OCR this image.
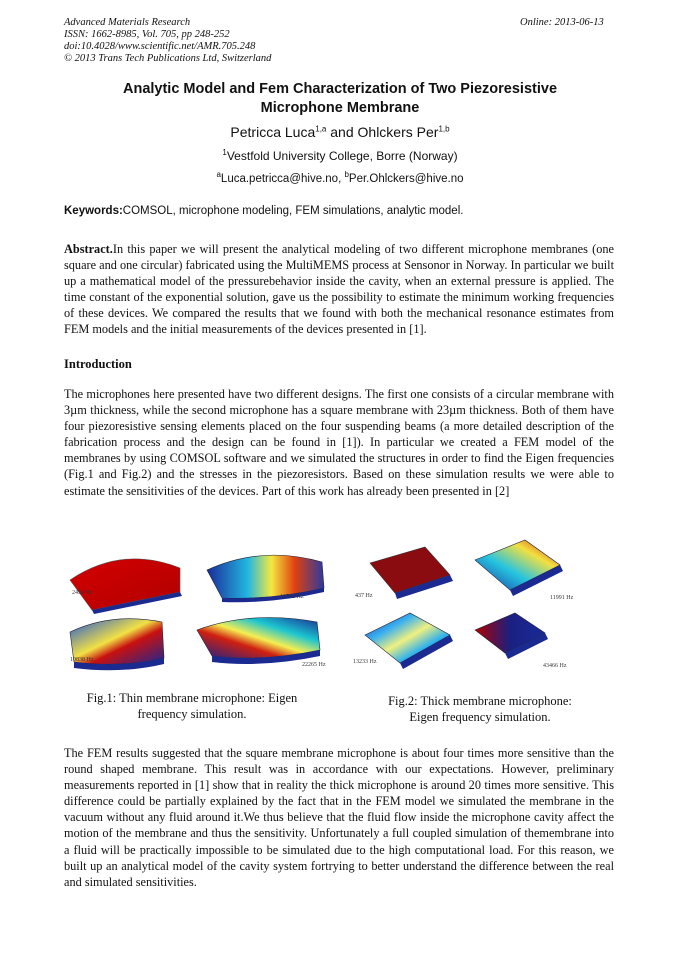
Advanced Materials Research
ISSN: 1662-8985, Vol. 705, pp 248-252
doi:10.4028/www.scientific.net/AMR.705.248
© 2013 Trans Tech Publications Ltd, Switzerland
Online: 2013-06-13
Analytic Model and Fem Characterization of Two Piezoresistive
Microphone Membrane
Petricca Luca$^{1,a}$ and Ohlckers Per$^{1,b}$
$^1$Vestfold University College, Borre (Norway)
$^a$Luca.petricca@hive.no, $^b$Per.Ohlckers@hive.no
Keywords:COMSOL, microphone modeling, FEM simulations, analytic model.
Abstract.In this paper we will present the analytical modeling of two different microphone membranes (one square and one circular) fabricated using the MultiMEMS process at Sensonor in Norway. In particular we built up a mathematical model of the pressurebehavior inside the cavity, when an external pressure is applied. The time constant of the exponential solution, gave us the possibility to estimate the minimum working frequencies of these devices. We compared the results that we found with both the mechanical resonance estimates from FEM models and the initial measurements of the devices presented in [1].
Introduction
The microphones here presented have two different designs. The first one consists of a circular membrane with 3µm thickness, while the second microphone has a square membrane with 23µm thickness. Both of them have four piezoresistive sensing elements placed on the four suspending beams (a more detailed description of the fabrication process and the design can be found in [1]). In particular we created a FEM model of the membranes by using COMSOL software and we simulated the structures in order to find the Eigen frequencies (Fig.1 and Fig.2) and the stresses in the piezoresistors. Based on these simulation results we were able to estimate the sensitivities of the devices. Part of this work has already been presented in [2]
2459 Hz
10762 Hz
10838 Hz
22265 Hz
Fig.1: Thin membrane microphone: Eigen
frequency simulation.
437 Hz	11991 Hz
13233 Hz
43466 Hz
Fig.2: Thick membrane microphone:
Eigen frequency simulation.
The FEM results suggested that the square membrane microphone is about four times more sensitive than the round shaped membrane. This result was in accordance with our expectations. However, preliminary measurements reported in [1] show that in reality the thick microphone is around 20 times more sensitive. This difference could be partially explained by the fact that in the FEM model we simulated the membrane in the vacuum without any fluid around it.We thus believe that the fluid flow inside the microphone cavity affect the motion of the membrane and thus the sensitivity. Unfortunately a full coupled simulation of themembrane into a fluid will be practically impossible to be simulated due to the high computational load. For this reason, we built up an analytical model of the cavity system fortrying to better understand the difference between the real and simulated sensitivities.
